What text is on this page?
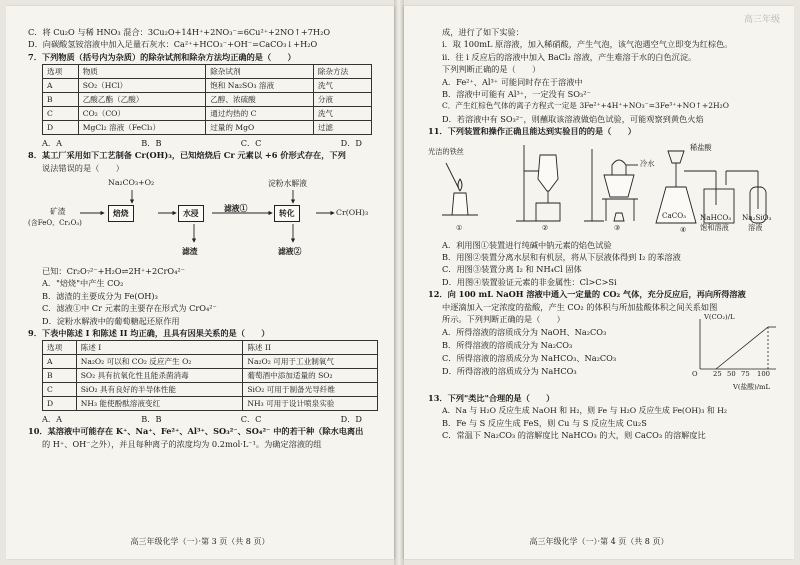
C．将 Cu₂O 与稀 HNO₃ 混合：3Cu₂O+14H⁺+2NO₃⁻=6Cu²⁺+2NO↑+7H₂O
D．向碳酸氢铵溶液中加入足量石灰水：Ca²⁺+HCO₃⁻+OH⁻=CaCO₃↓+H₂O
7．下列物质（括号内为杂质）的除杂试剂和除杂方法均正确的是（　　）
选项	物质	除杂试剂	除杂方法
A	SO₂（HCl）	饱和 Na₂SO₃ 溶液	洗气
B	乙酸乙酯（乙酸）	乙醇、浓硫酸	分液
C	CO₂（CO）	通过灼热的 C	洗气
D	MgCl₂ 溶液（FeCl₃）	过量的 MgO	过滤
A．A	B．B	C．C	D．D
8．某工厂采用如下工艺制备 Cr(OH)₃，已知焙烧后 Cr 元素以 +6 价形式存在，下列
说法错误的是（　　）
Na₂CO₃+O₂	淀粉水解液
矿渣
(含FeO、Cr₂O₃)
焙烧	水浸
滤液①
转化	Cr(OH)₃
滤渣	滤液②
已知：Cr₂O₇²⁻+H₂O⇌2H⁺+2CrO₄²⁻
A．"焙烧"中产生 CO₂
B．滤渣的主要成分为 Fe(OH)₃
C．滤液①中 Cr 元素的主要存在形式为 CrO₄²⁻
D．淀粉水解液中的葡萄糖起还原作用
9．下表中陈述 I 和陈述 II 均正确，且具有因果关系的是（　　）
选项	陈述 I	陈述 II
A	Na₂O₂ 可以和 CO₂ 反应产生 O₂	Na₂O₂ 可用于工业制氧气
B	SO₂ 具有抗氧化性且能杀菌消毒	葡萄酒中添加适量的 SO₂
C	SiO₂ 具有良好的半导体性能	SiO₂ 可用于制备光导纤维
D	NH₃ 能使酚酞溶液变红	NH₃ 可用于设计喷泉实验
A．A	B．B	C．C	D．D
10．某溶液中可能存在 K⁺、Na⁺、Fe²⁺、Al³⁺、SO₃²⁻、SO₄²⁻ 中的若干种（除水电离出
的 H⁺、OH⁻之外），并且每种离子的浓度均为 0.2mol·L⁻¹。为确定溶液的组
高三年级化学（一）·第 3 页（共 8 页）
高三年级
成，进行了如下实验：
i．取 100mL 原溶液，加入稀硝酸，产生气泡，该气泡遇空气立即变为红棕色。
ii．往 i 反应后的溶液中加入 BaCl₂ 溶液，产生难溶于水的白色沉淀。
下列判断正确的是（　　）
A．Fe²⁺、Al³⁺ 可能同时存在于溶液中
B．溶液中可能有 Al³⁺，一定没有 SO₃²⁻
C．产生红棕色气体的离子方程式一定是 3Fe²⁺+4H⁺+NO₃⁻=3Fe³⁺+NO↑+2H₂O
D．若溶液中有 SO₃²⁻，则蘸取该溶液做焰色试验，可能观察到黄色火焰
11．下列装置和操作正确且能达到实验目的的是（　　）
光洁的铁丝
冷水
稀盐酸
CaCO₃ NaHCO₃
饱和溶液
Na₂SiO₃
溶液
①	②	③	④
A．利用图①装置进行纯碱中钠元素的焰色试验
B．用图②装置分离水层和有机层，将从下层液体得到 I₂ 的苯溶液
C．用图③装置分离 I₂ 和 NH₄Cl 固体
D．用图④装置验证元素的非金属性：Cl>C>Si
12．向 100 mL NaOH 溶液中通入一定量的 CO₂ 气体，充分反应后，再向所得溶液
中逐滴加入一定浓度的盐酸，产生 CO₂ 的体积与所加盐酸体积之间关系如图
所示。下列判断正确的是（　　）
A．所得溶液的溶质成分为 NaOH、Na₂CO₃
B．所得溶液的溶质成分为 Na₂CO₃
C．所得溶液的溶质成分为 NaHCO₃、Na₂CO₃
D．所得溶液的溶质成分为 NaHCO₃
V(CO₂)/L
O 25 50 75 100
V(盐酸)/mL
13．下列"类比"合理的是（　　）
A．Na 与 H₂O 反应生成 NaOH 和 H₂，则 Fe 与 H₂O 反应生成 Fe(OH)₃ 和 H₂
B．Fe 与 S 反应生成 FeS，则 Cu 与 S 反应生成 Cu₂S
C．常温下 Na₂CO₃ 的溶解度比 NaHCO₃ 的大，则 CaCO₃ 的溶解度比
高三年级化学（一）·第 4 页（共 8 页）
